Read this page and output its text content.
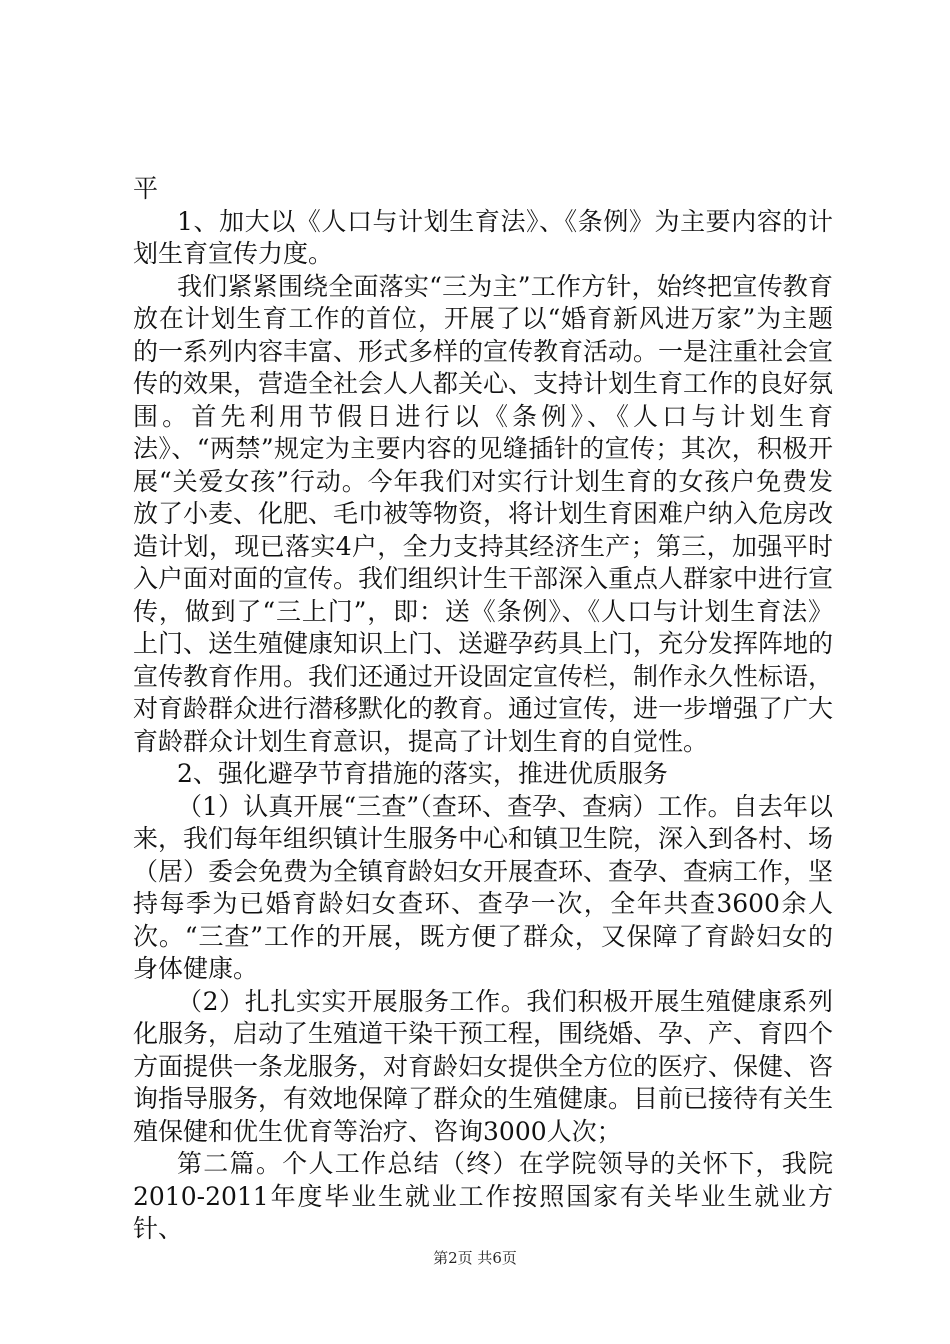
平

1、加大以《人口与计划生育法》、《条例》为主要内容的计划生育宣传力度。

我们紧紧围绕全面落实“三为主”工作方针，始终把宣传教育放在计划生育工作的首位，开展了以“婚育新风进万家”为主题的一系列内容丰富、形式多样的宣传教育活动。一是注重社会宣传的效果，营造全社会人人都关心、支持计划生育工作的良好氛围。首先利用节假日进行以《条例》、《人口与计划生育法》、“两禁”规定为主要内容的见缝插针的宣传；其次，积极开展“关爱女孩”行动。今年我们对实行计划生育的女孩户免费发放了小麦、化肥、毛巾被等物资，将计划生育困难户纳入危房改造计划，现已落实4户，全力支持其经济生产；第三，加强平时入户面对面的宣传。我们组织计生干部深入重点人群家中进行宣传，做到了“三上门”，即：送《条例》、《人口与计划生育法》上门、送生殖健康知识上门、送避孕药具上门，充分发挥阵地的宣传教育作用。我们还通过开设固定宣传栏，制作永久性标语，对育龄群众进行潜移默化的教育。通过宣传，进一步增强了广大育龄群众计划生育意识，提高了计划生育的自觉性。

2、强化避孕节育措施的落实，推进优质服务

（1）认真开展“三查”（查环、查孕、查病）工作。自去年以来，我们每年组织镇计生服务中心和镇卫生院，深入到各村、场（居）委会免费为全镇育龄妇女开展查环、查孕、查病工作，坚持每季为已婚育龄妇女查环、查孕一次，全年共查3600余人次。“三查”工作的开展，既方便了群众，又保障了育龄妇女的身体健康。

（2）扎扎实实开展服务工作。我们积极开展生殖健康系列化服务，启动了生殖道干染干预工程，围绕婚、孕、产、育四个方面提供一条龙服务，对育龄妇女提供全方位的医疗、保健、咨询指导服务，有效地保障了群众的生殖健康。目前已接待有关生殖保健和优生优育等治疗、咨询3000人次；

第二篇。个人工作总结（终）在学院领导的关怀下，我院2010-2011年度毕业生就业工作按照国家有关毕业生就业方针、

第2页 共6页
